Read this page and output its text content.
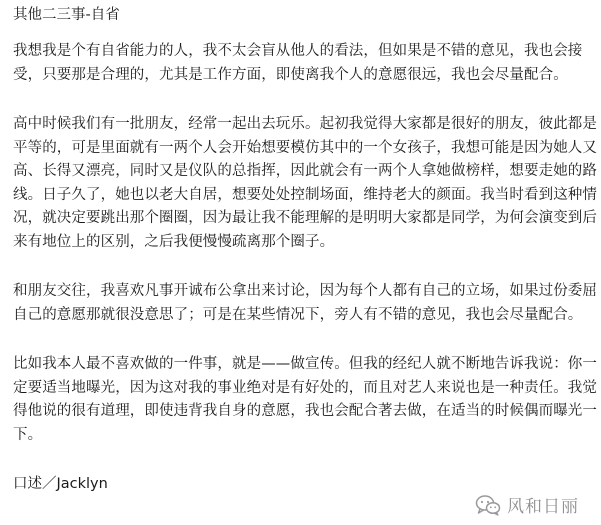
其他二三事-自省

我想我是个有自省能力的人，我不太会盲从他人的看法，但如果是不错的意见，我也会接
受，只要那是合理的，尤其是工作方面，即使离我个人的意愿很远，我也会尽量配合。

高中时候我们有一批朋友，经常一起出去玩乐。起初我觉得大家都是很好的朋友，彼此都是
平等的，可是里面就有一两个人会开始想要模仿其中的一个女孩子，我想可能是因为她人又
高、长得又漂亮，同时又是仪队的总指挥，因此就会有一两个人拿她做榜样，想要走她的路
线。日子久了，她也以老大自居，想要处处控制场面，维持老大的颜面。我当时看到这种情
况，就决定要跳出那个圈圈，因为最让我不能理解的是明明大家都是同学，为何会演变到后
来有地位上的区别，之后我便慢慢疏离那个圈子。

和朋友交往，我喜欢凡事开诚布公拿出来讨论，因为每个人都有自己的立场，如果过份委屈
自己的意愿那就很没意思了；可是在某些情况下，旁人有不错的意见，我也会尽量配合。

比如我本人最不喜欢做的一件事，就是——做宣传。但我的经纪人就不断地告诉我说：你一
定要适当地曝光，因为这对我的事业绝对是有好处的，而且对艺人来说也是一种责任。我觉
得他说的很有道理，即使违背我自身的意愿，我也会配合著去做，在适当的时候偶而曝光一
下。

口述／Jacklyn

风和日丽
